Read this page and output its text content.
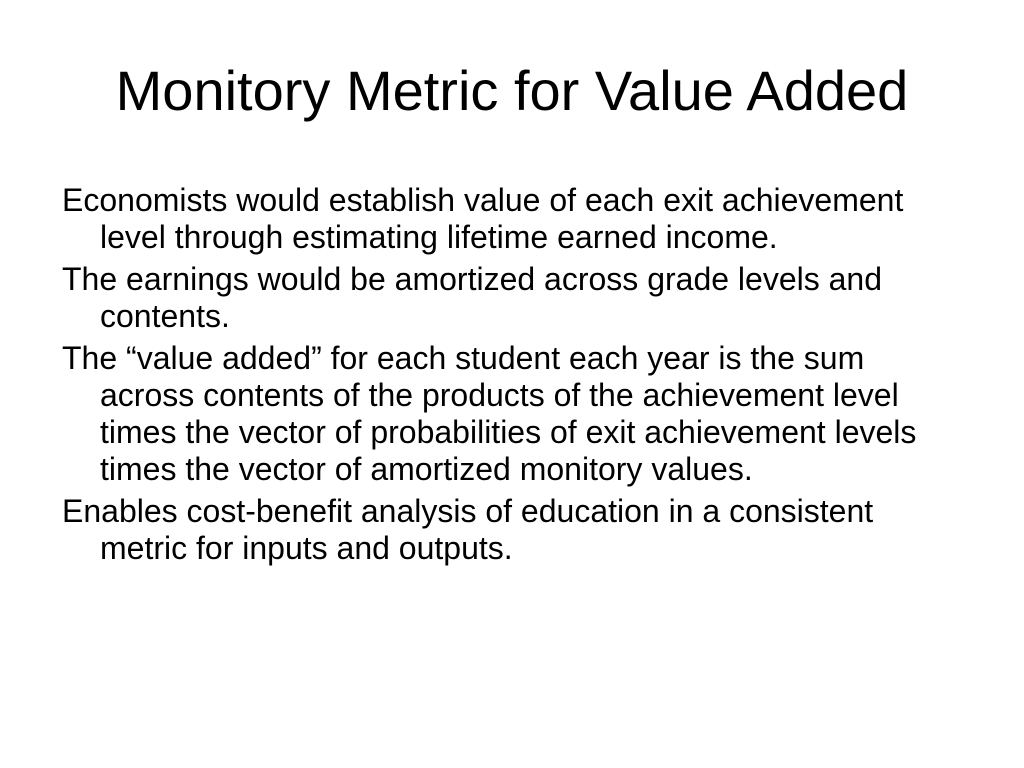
Monitory Metric for Value Added
Economists would establish value of each exit achievement level through estimating lifetime earned income.
The earnings would be amortized across grade levels and contents.
The “value added” for each student each year is the sum across contents of the products of the achievement level times the vector of probabilities of exit achievement levels times the vector of amortized monitory values.
Enables cost-benefit analysis of education in a consistent metric for inputs and outputs.
